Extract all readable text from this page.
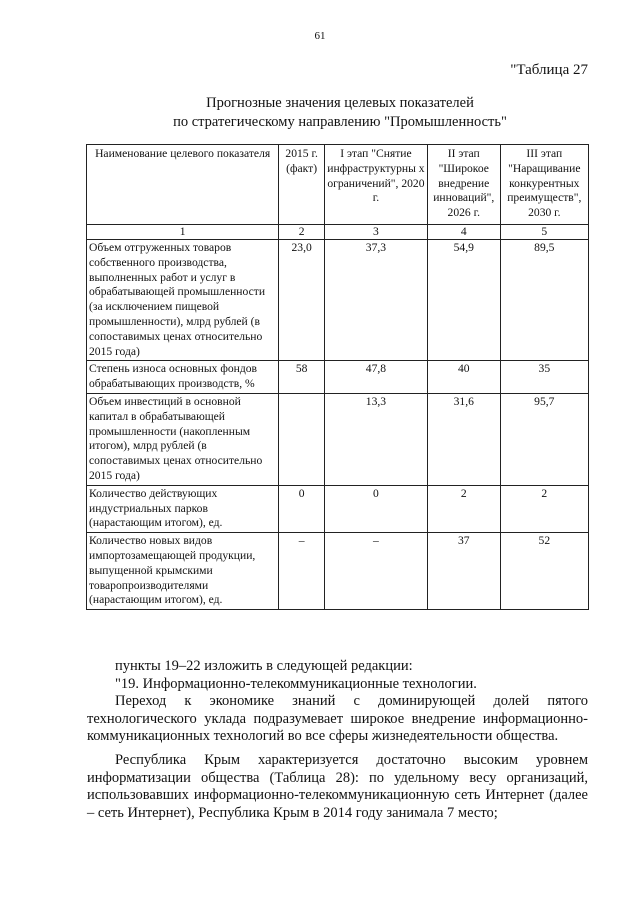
61
"Таблица 27
Прогнозные значения целевых показателей
по стратегическому направлению "Промышленность"
Наименование целевого показателя	2015 г. (факт)	I этап "Снятие инфраструктурны х ограничений", 2020 г.	II этап "Широкое внедрение инноваций", 2026 г.	III этап "Наращивание конкурентных преимуществ", 2030 г.
1	2	3	4	5
Объем отгруженных товаров собственного производства, выполненных работ и услуг в обрабатывающей промышленности (за исключением пищевой промышленности), млрд рублей (в сопоставимых ценах относительно 2015 года)	23,0	37,3	54,9	89,5
Степень износа основных фондов обрабатывающих производств, %	58	47,8	40	35
Объем инвестиций в основной капитал в обрабатывающей промышленности (накопленным итогом), млрд рублей (в сопоставимых ценах относительно 2015 года)		13,3	31,6	95,7
Количество действующих индустриальных парков (нарастающим итогом), ед.	0	0	2	2
Количество новых видов импортозамещающей продукции, выпущенной крымскими товаропроизводителями (нарастающим итогом), ед.	–	–	37	52

пункты 19–22 изложить в следующей редакции:

"19. Информационно-телекоммуникационные технологии.

Переход к экономике знаний с доминирующей долей пятого технологического уклада подразумевает широкое внедрение информационно-коммуникационных технологий во все сферы жизнедеятельности общества.

Республика Крым характеризуется достаточно высоким уровнем информатизации общества (Таблица 28): по удельному весу организаций, использовавших информационно-телекоммуникационную сеть Интернет (далее – сеть Интернет), Республика Крым в 2014 году занимала 7 место;
